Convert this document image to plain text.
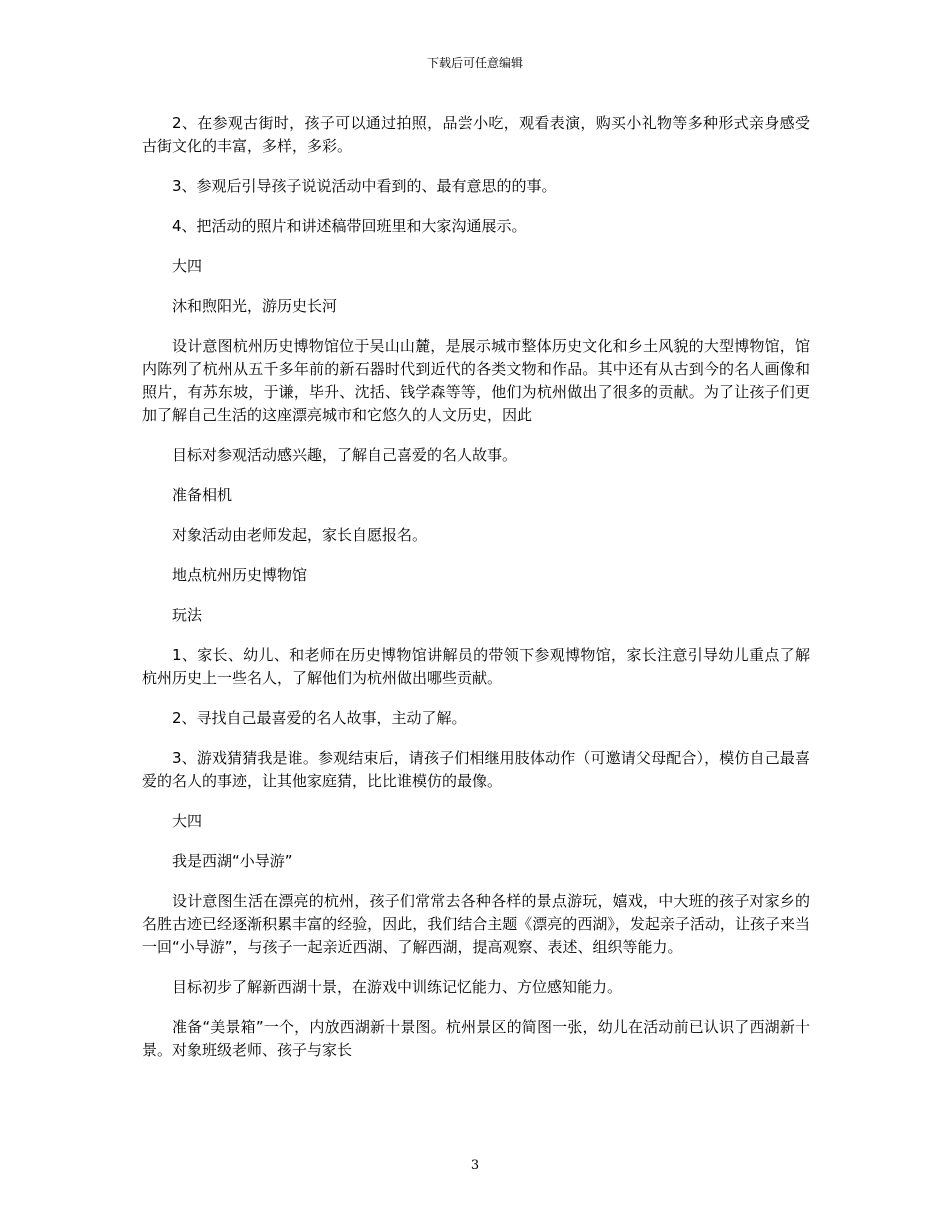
下载后可任意编辑

2、在参观古街时，孩子可以通过拍照，品尝小吃，观看表演，购买小礼物等多种形式亲身感受古街文化的丰富，多样，多彩。

3、参观后引导孩子说说活动中看到的、最有意思的的事。

4、把活动的照片和讲述稿带回班里和大家沟通展示。

大四

沐和煦阳光，游历史长河

设计意图杭州历史博物馆位于吴山山麓，是展示城市整体历史文化和乡土风貌的大型博物馆，馆内陈列了杭州从五千多年前的新石器时代到近代的各类文物和作品。其中还有从古到今的名人画像和照片，有苏东坡，于谦，毕升、沈括、钱学森等等，他们为杭州做出了很多的贡献。为了让孩子们更加了解自己生活的这座漂亮城市和它悠久的人文历史，因此

目标对参观活动感兴趣，了解自己喜爱的名人故事。

准备相机

对象活动由老师发起，家长自愿报名。

地点杭州历史博物馆

玩法

1、家长、幼儿、和老师在历史博物馆讲解员的带领下参观博物馆，家长注意引导幼儿重点了解杭州历史上一些名人，了解他们为杭州做出哪些贡献。

2、寻找自己最喜爱的名人故事，主动了解。

3、游戏猜猜我是谁。参观结束后，请孩子们相继用肢体动作（可邀请父母配合），模仿自己最喜爱的名人的事迹，让其他家庭猜，比比谁模仿的最像。

大四

我是西湖“小导游”

设计意图生活在漂亮的杭州，孩子们常常去各种各样的景点游玩，嬉戏，中大班的孩子对家乡的名胜古迹已经逐渐积累丰富的经验，因此，我们结合主题《漂亮的西湖》，发起亲子活动，让孩子来当一回“小导游”，与孩子一起亲近西湖、了解西湖，提高观察、表述、组织等能力。

目标初步了解新西湖十景，在游戏中训练记忆能力、方位感知能力。

准备“美景箱”一个，内放西湖新十景图。杭州景区的简图一张，幼儿在活动前已认识了西湖新十景。对象班级老师、孩子与家长

3
